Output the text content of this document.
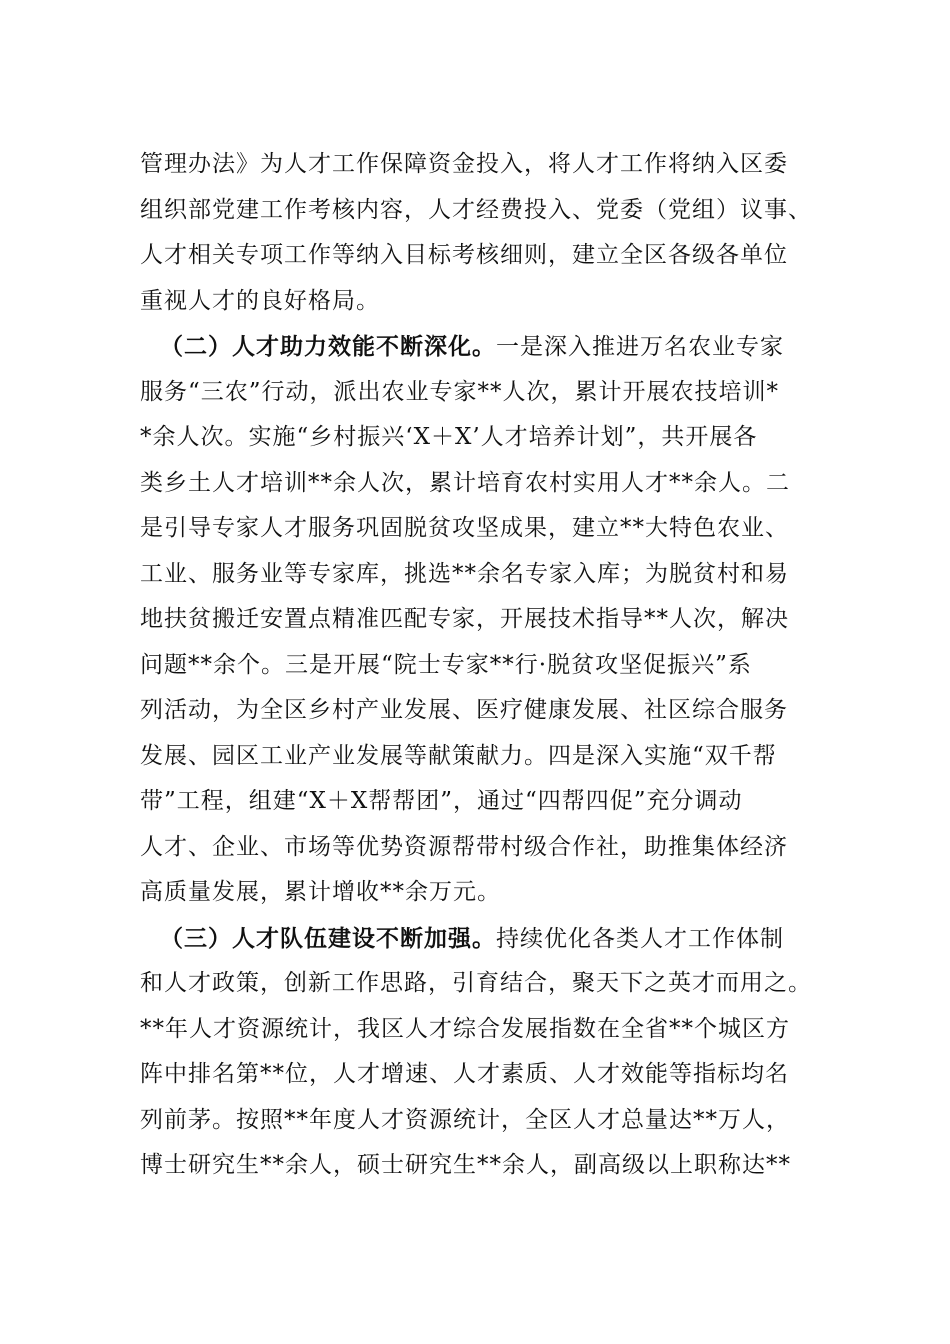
管理办法》为人才工作保障资金投入，将人才工作将纳入区委
组织部党建工作考核内容，人才经费投入、党委（党组）议事、
人才相关专项工作等纳入目标考核细则，建立全区各级各单位
重视人才的良好格局。
（二）人才助力效能不断深化。一是深入推进万名农业专家
服务“三农”行动，派出农业专家**人次，累计开展农技培训*
*余人次。实施“乡村振兴‘X＋X’人才培养计划”，共开展各
类乡土人才培训**余人次，累计培育农村实用人才**余人。二
是引导专家人才服务巩固脱贫攻坚成果，建立**大特色农业、
工业、服务业等专家库，挑选**余名专家入库；为脱贫村和易
地扶贫搬迁安置点精准匹配专家，开展技术指导**人次，解决
问题**余个。三是开展“院士专家**行·脱贫攻坚促振兴”系
列活动，为全区乡村产业发展、医疗健康发展、社区综合服务
发展、园区工业产业发展等献策献力。四是深入实施“双千帮
带”工程，组建“X＋X帮帮团”，通过“四帮四促”充分调动
人才、企业、市场等优势资源帮带村级合作社，助推集体经济
高质量发展，累计增收**余万元。
（三）人才队伍建设不断加强。持续优化各类人才工作体制
和人才政策，创新工作思路，引育结合，聚天下之英才而用之。
**年人才资源统计，我区人才综合发展指数在全省**个城区方
阵中排名第**位，人才增速、人才素质、人才效能等指标均名
列前茅。按照**年度人才资源统计，全区人才总量达**万人，
博士研究生**余人，硕士研究生**余人，副高级以上职称达**
